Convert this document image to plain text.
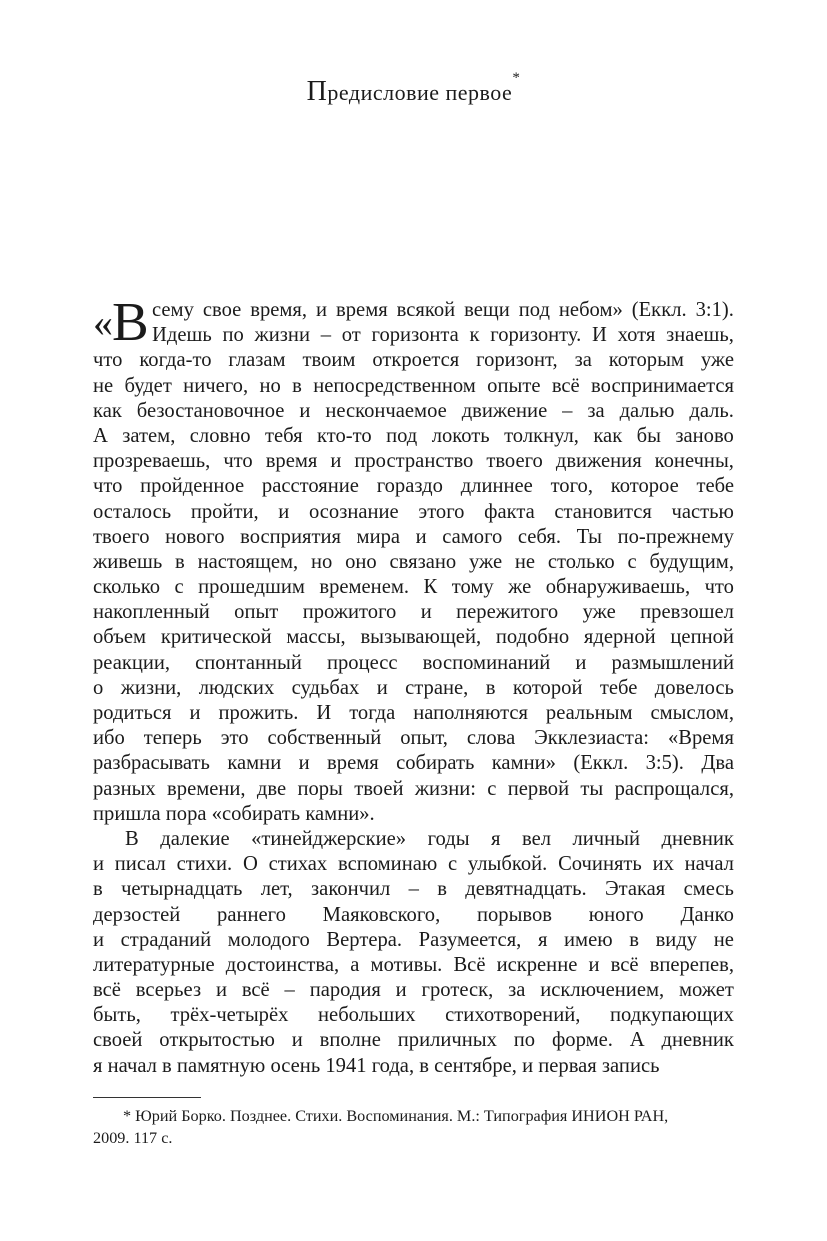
Предисловие первое*
«В сему свое время, и время всякой вещи под небом» (Еккл. 3:1).
Идешь по жизни – от горизонта к горизонту. И хотя знаешь,
что когда-то глазам твоим откроется горизонт, за которым уже
не будет ничего, но в непосредственном опыте всё воспринимается
как безостановочное и нескончаемое движение – за далью даль.
А затем, словно тебя кто-то под локоть толкнул, как бы заново
прозреваешь, что время и пространство твоего движения конечны,
что пройденное расстояние гораздо длиннее того, которое тебе
осталось пройти, и осознание этого факта становится частью
твоего нового восприятия мира и самого себя. Ты по-прежнему
живешь в настоящем, но оно связано уже не столько с будущим,
сколько с прошедшим временем. К тому же обнаруживаешь, что
накопленный опыт прожитого и пережитого уже превзошел
объем критической массы, вызывающей, подобно ядерной цепной
реакции, спонтанный процесс воспоминаний и размышлений
о жизни, людских судьбах и стране, в которой тебе довелось
родиться и прожить. И тогда наполняются реальным смыслом,
ибо теперь это собственный опыт, слова Экклезиаста: «Время
разбрасывать камни и время собирать камни» (Еккл. 3:5). Два
разных времени, две поры твоей жизни: с первой ты распрощался,
пришла пора «собирать камни».
В далекие «тинейджерские» годы я вел личный дневник
и писал стихи. О стихах вспоминаю с улыбкой. Сочинять их начал
в четырнадцать лет, закончил – в девятнадцать. Этакая смесь
дерзостей раннего Маяковского, порывов юного Данко
и страданий молодого Вертера. Разумеется, я имею в виду не
литературные достоинства, а мотивы. Всё искренне и всё вперепев,
всё всерьез и всё – пародия и гротеск, за исключением, может
быть, трёх-четырёх небольших стихотворений, подкупающих
своей открытостью и вполне приличных по форме. А дневник
я начал в памятную осень 1941 года, в сентябре, и первая запись
* Юрий Борко. Позднее. Стихи. Воспоминания. М.: Типография ИНИОН РАН,
2009. 117 с.
